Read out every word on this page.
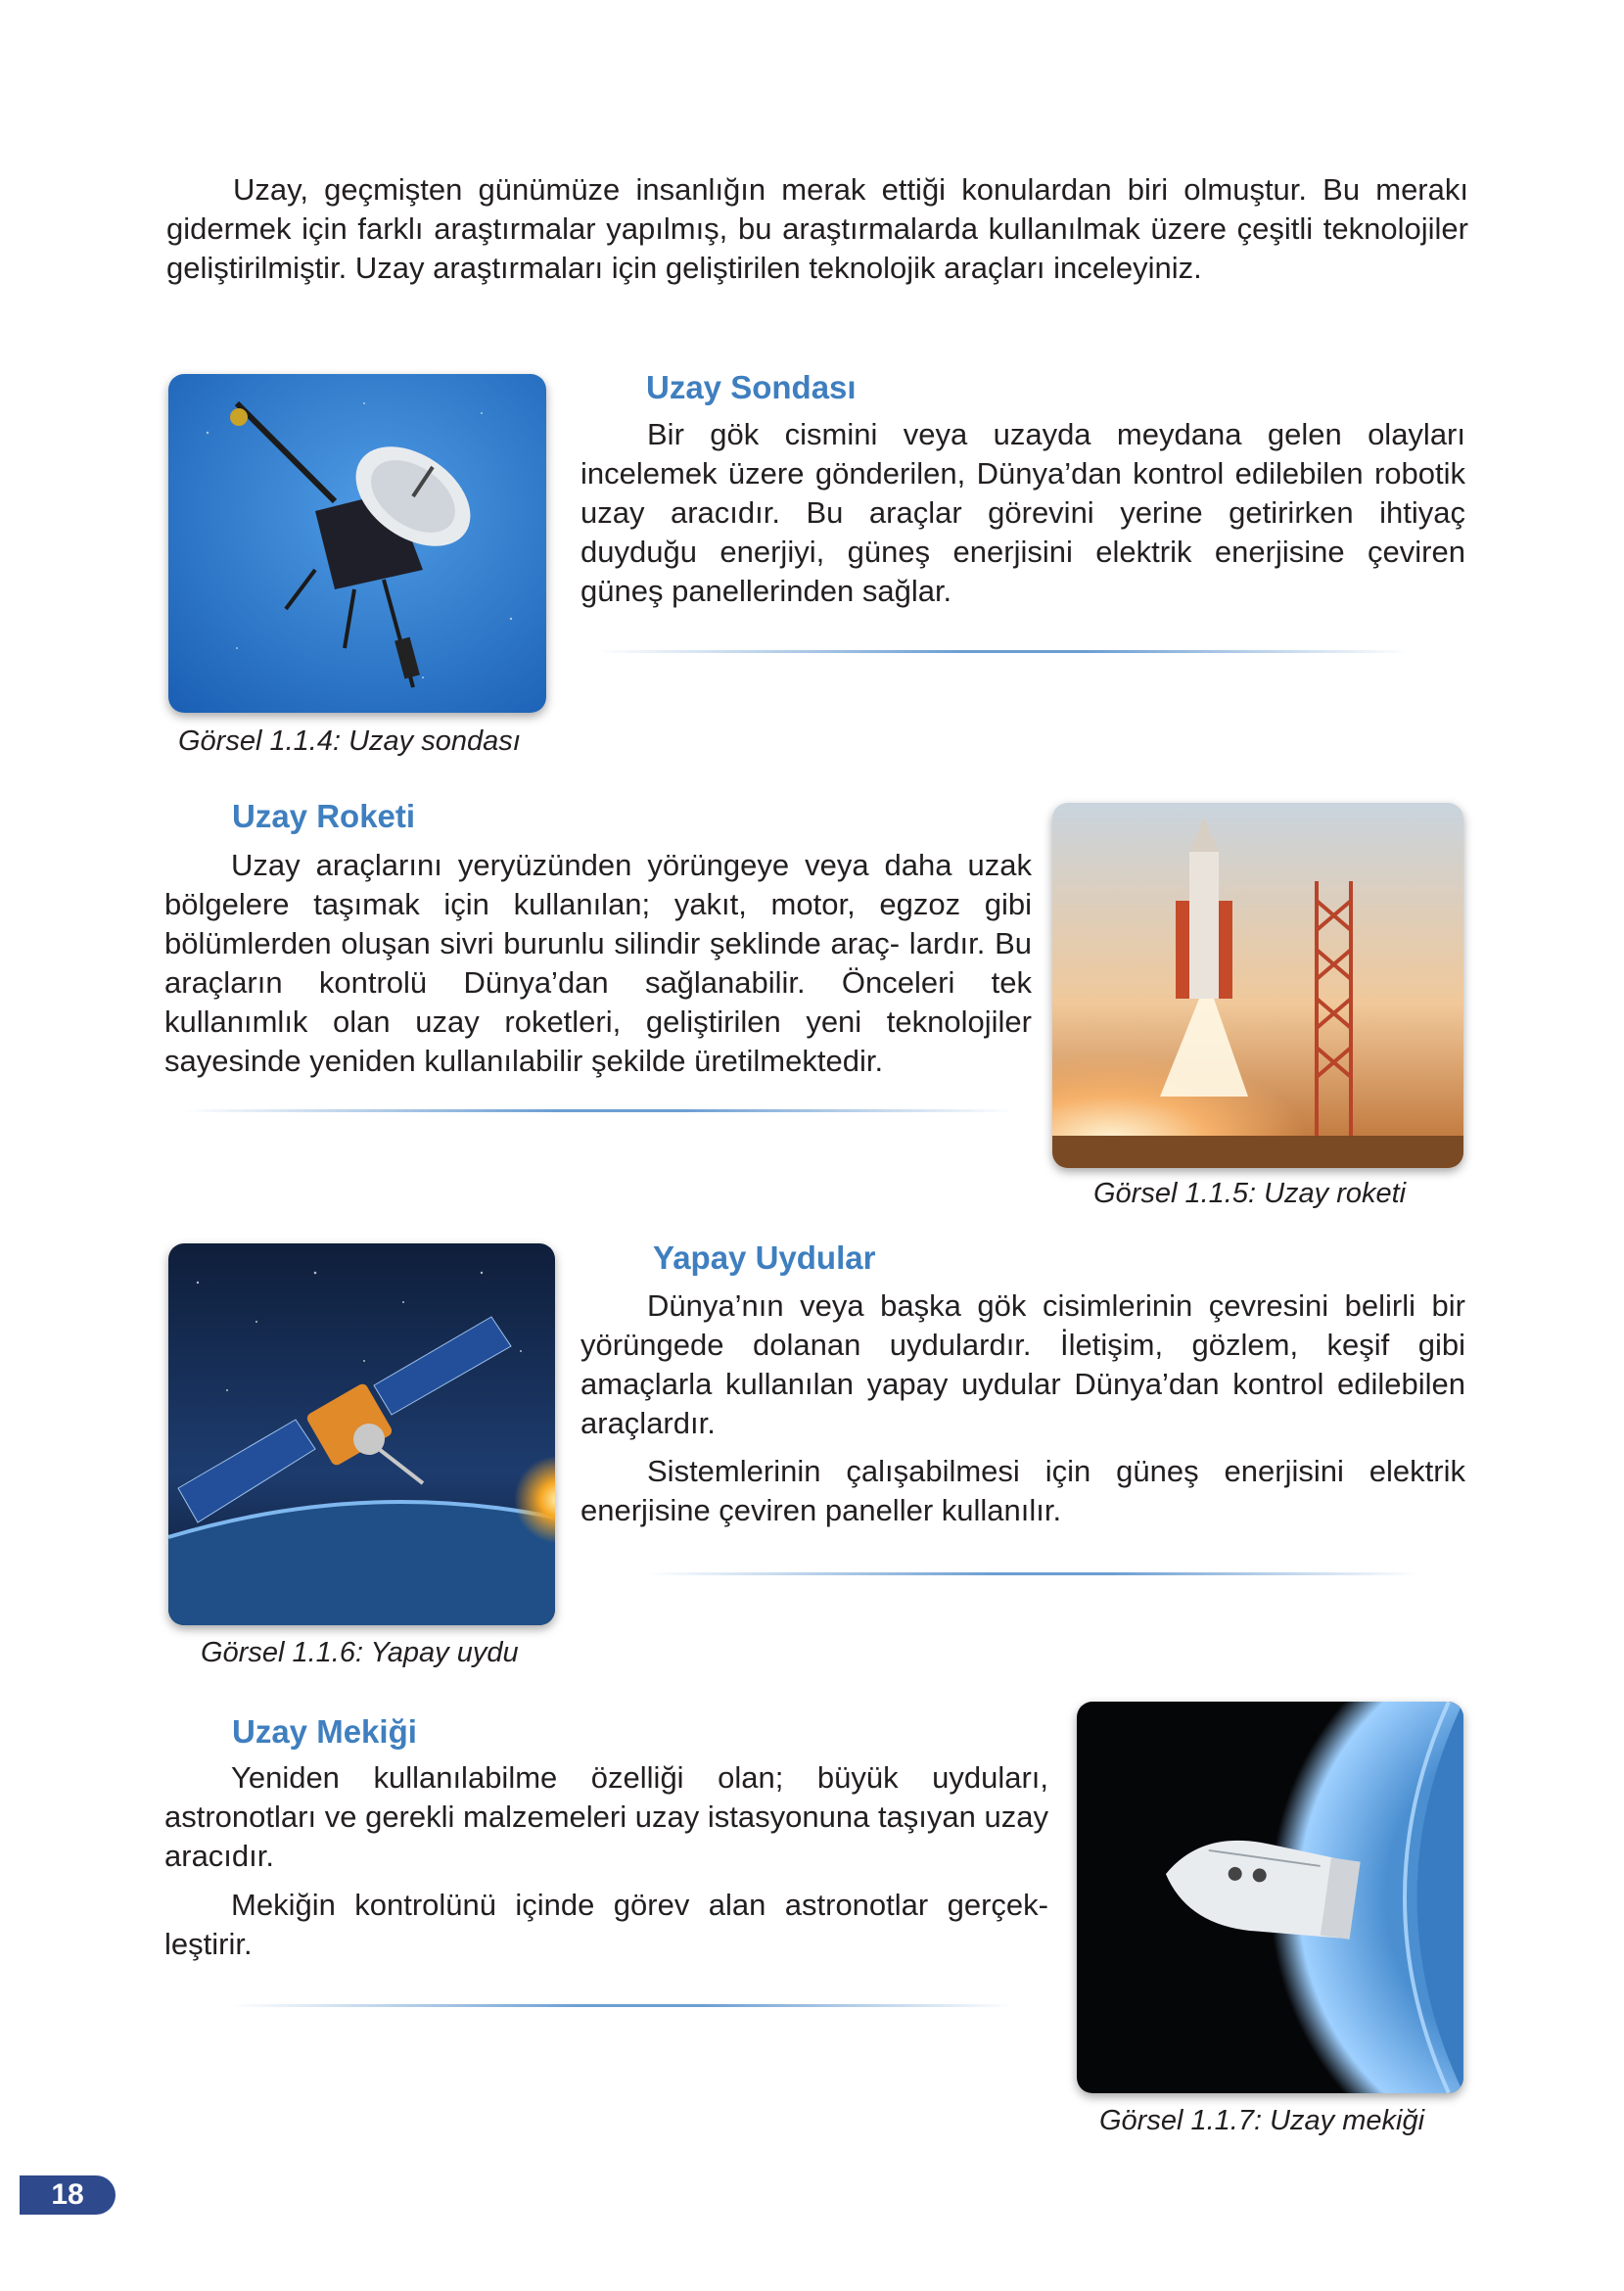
Uzay, geçmişten günümüze insanlığın merak ettiği konulardan biri olmuştur. Bu merakı gidermek için farklı araştırmalar yapılmış, bu araştırmalarda kullanılmak üzere çeşitli teknolojiler geliştirilmiştir. Uzay araştırmaları için geliştirilen teknolojik araçları inceleyiniz.

Görsel 1.1.4: Uzay sondası

Uzay Sondası

Bir gök cismini veya uzayda meydana gelen olayları incelemek üzere gönderilen, Dünya’dan kontrol edilebilen robotik uzay aracıdır. Bu araçlar görevini yerine getirirken ihtiyaç duyduğu enerjiyi, güneş enerjisini elektrik enerjisine çeviren güneş panellerinden sağlar.

Uzay Roketi

Uzay araçlarını yeryüzünden yörüngeye veya daha uzak bölgelere taşımak için kullanılan; yakıt, motor, egzoz gibi bölümlerden oluşan sivri burunlu silindir şeklinde araç- lardır. Bu araçların kontrolü Dünya’dan sağlanabilir. Önceleri tek kullanımlık olan uzay roketleri, geliştirilen yeni teknolojiler sayesinde yeniden kullanılabilir şekilde üretilmektedir.

Görsel 1.1.5: Uzay roketi

Görsel 1.1.6: Yapay uydu

Yapay Uydular

Dünya’nın veya başka gök cisimlerinin çevresini belirli bir yörüngede dolanan uydulardır. İletişim, gözlem, keşif gibi amaçlarla kullanılan yapay uydular Dünya’dan kontrol edilebilen araçlardır.

Sistemlerinin çalışabilmesi için güneş enerjisini elektrik enerjisine çeviren paneller kullanılır.

Uzay Mekiği

Yeniden kullanılabilme özelliği olan; büyük uyduları, astronotları ve gerekli malzemeleri uzay istasyonuna taşıyan uzay aracıdır.

Mekiğin kontrolünü içinde görev alan astronotlar gerçek- leştirir.

Görsel 1.1.7: Uzay mekiği

18
